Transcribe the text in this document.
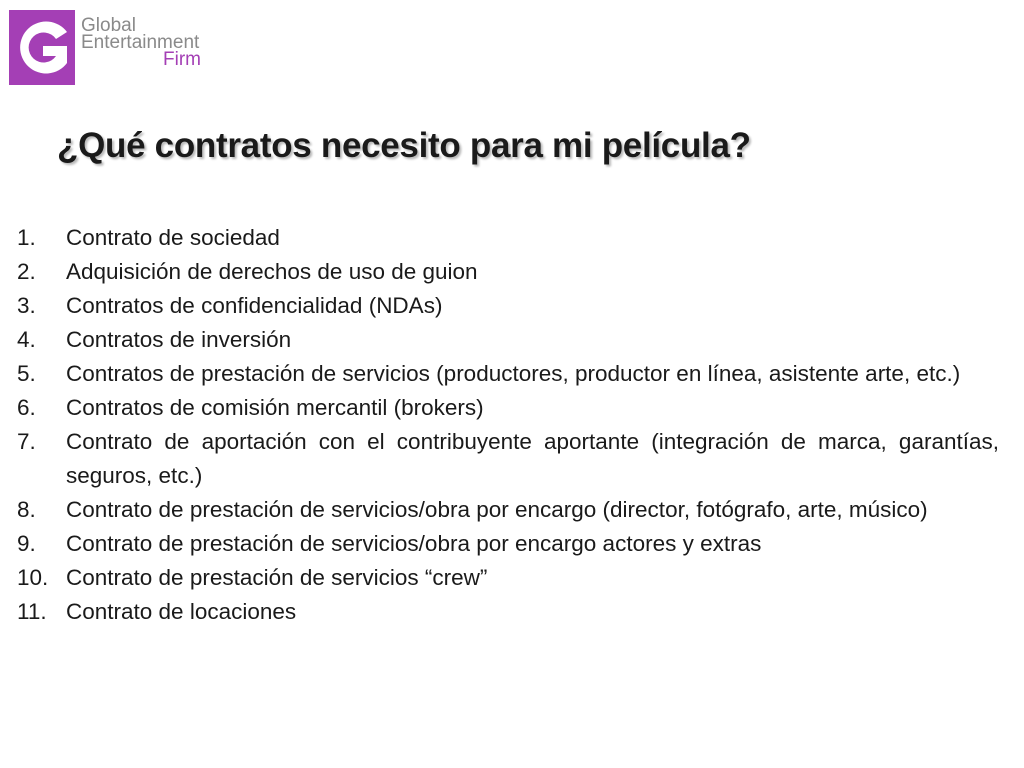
Global
Entertainment
Firm
¿Qué contratos necesito para mi película?
1. Contrato de sociedad
2. Adquisición de derechos de uso de guion
3. Contratos de confidencialidad (NDAs)
4. Contratos de inversión
5. Contratos de prestación de servicios (productores, productor en línea, asistente arte, etc.)
6. Contratos de comisión mercantil (brokers)
7. Contrato de aportación con el contribuyente aportante (integración de marca, garantías, seguros, etc.)
8. Contrato de prestación de servicios/obra por encargo (director, fotógrafo, arte, músico)
9. Contrato de prestación de servicios/obra por encargo actores y extras
10. Contrato de prestación de servicios “crew”
11. Contrato de locaciones
